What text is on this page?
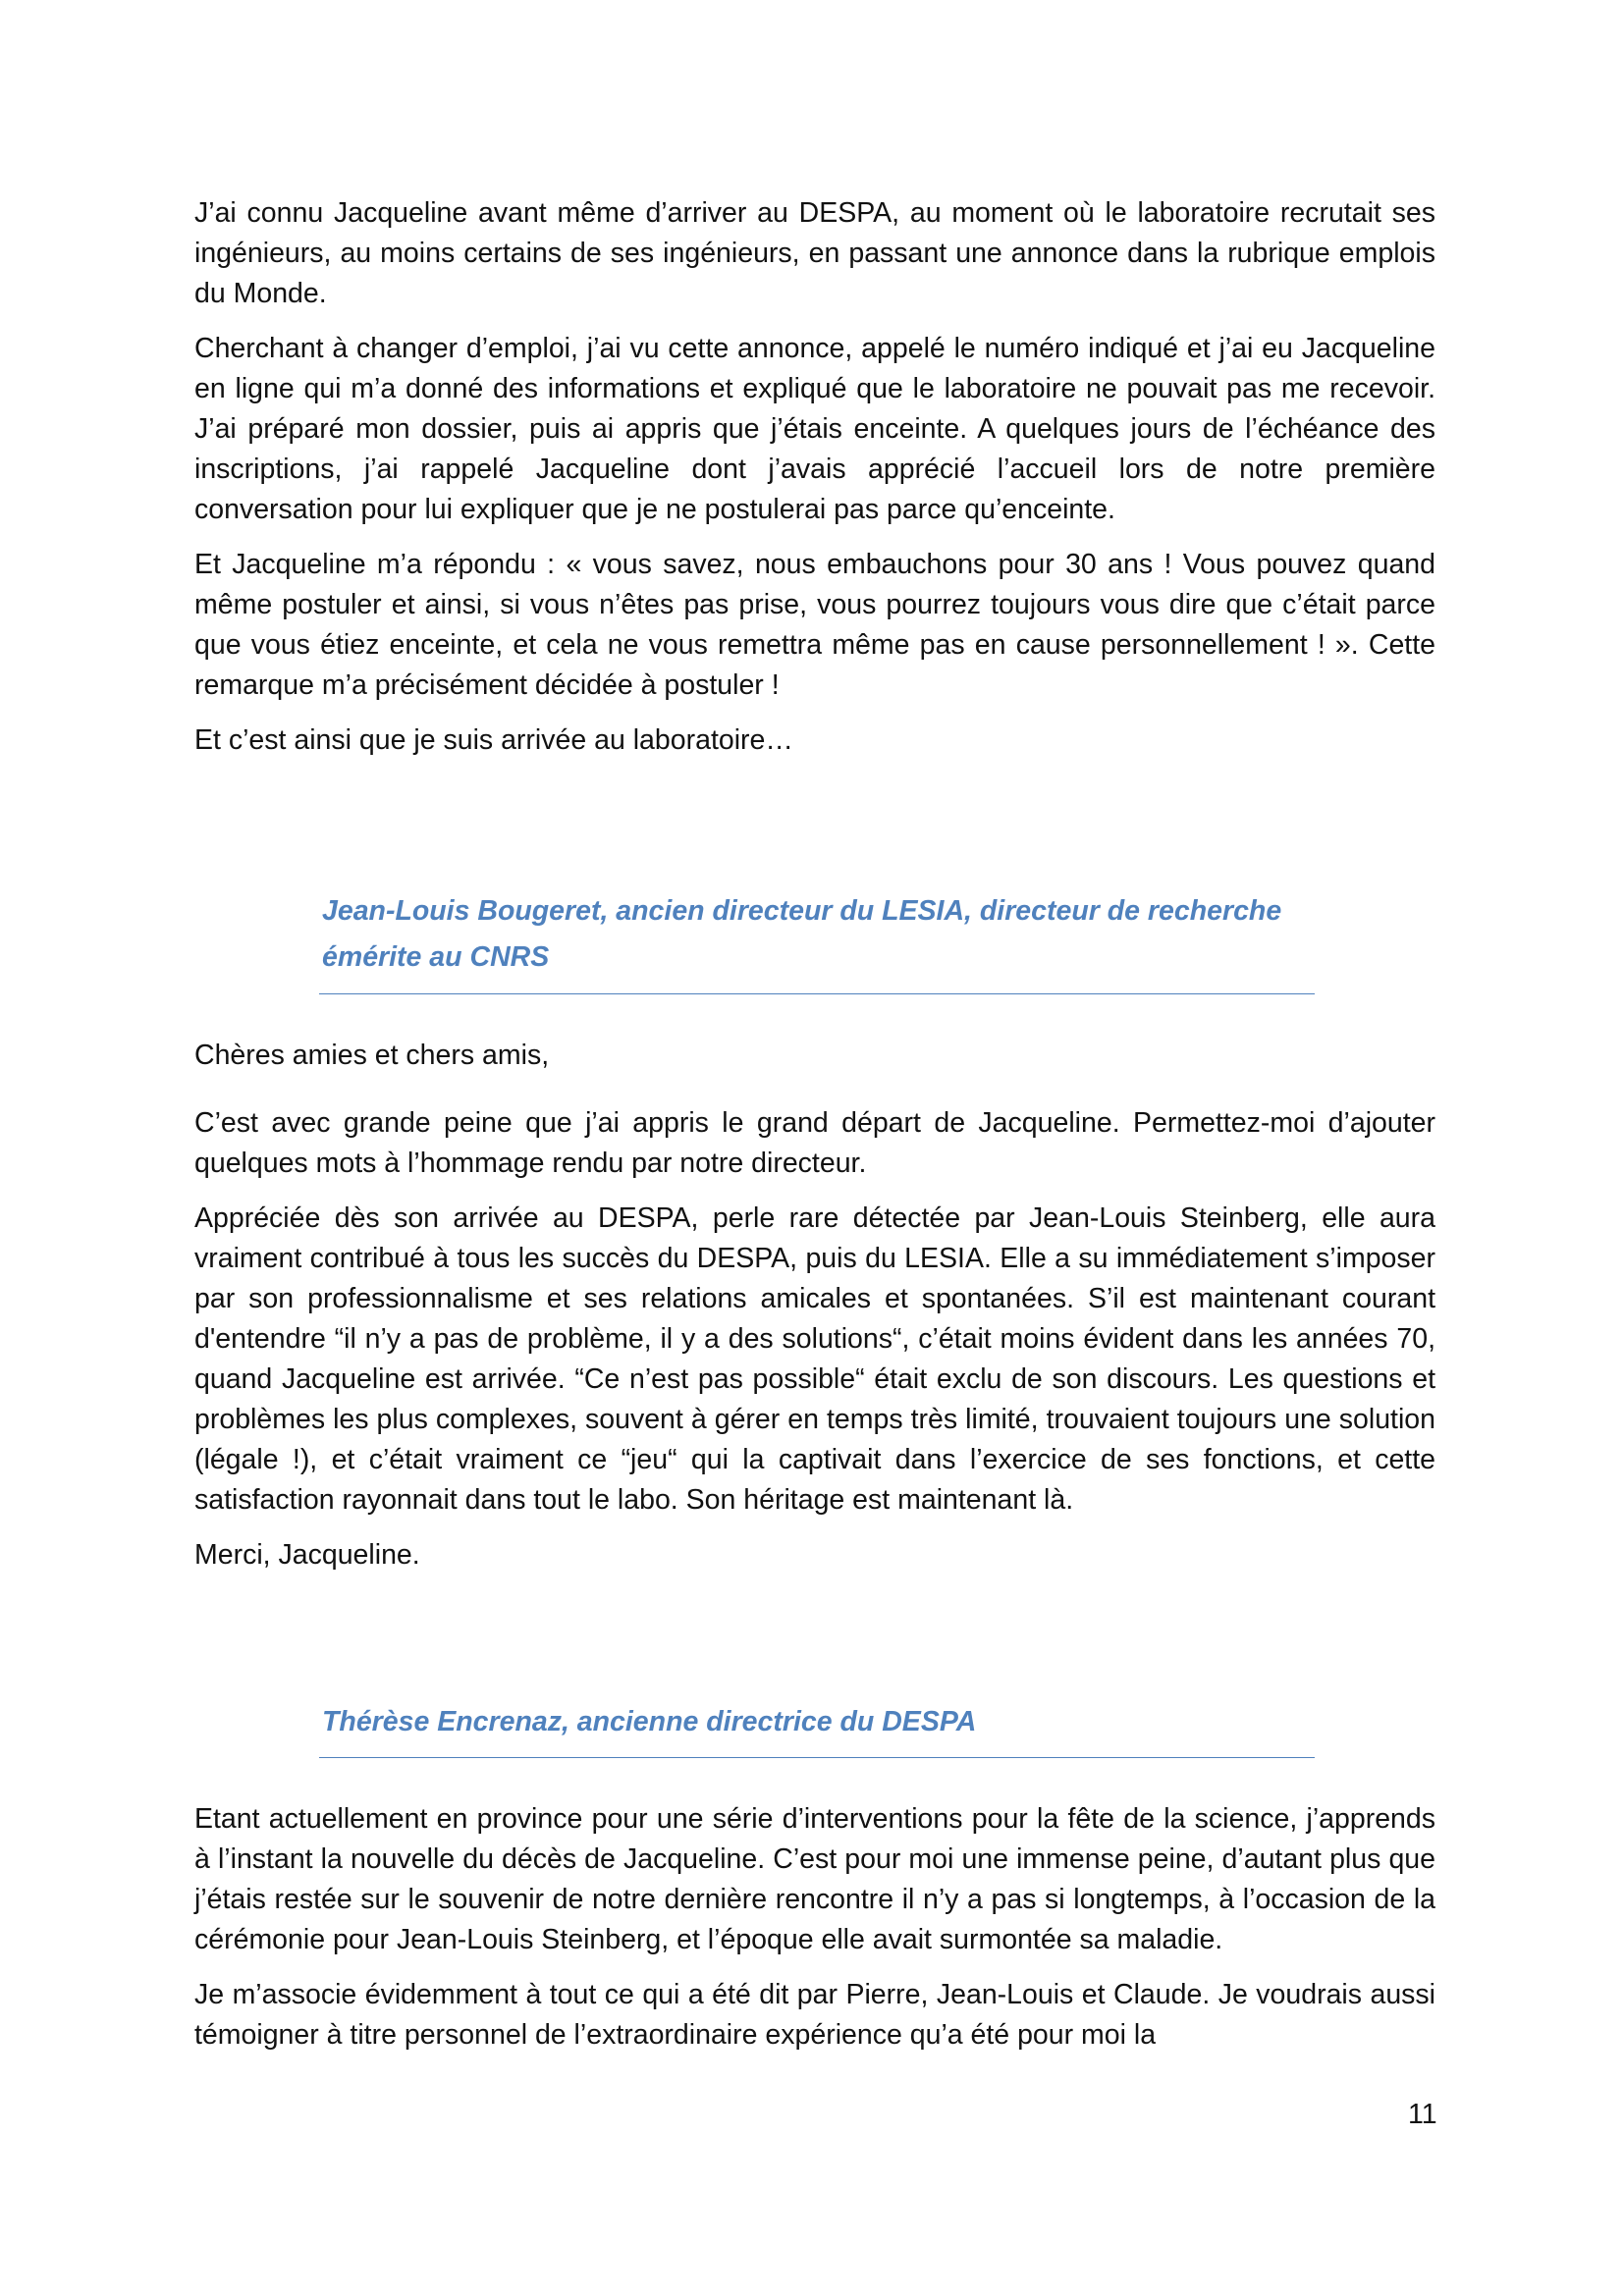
J’ai connu Jacqueline avant même d’arriver au DESPA, au moment où le laboratoire recrutait ses ingénieurs, au moins certains de ses ingénieurs, en passant une annonce dans la rubrique emplois du Monde.

Cherchant à changer d’emploi, j’ai vu cette annonce, appelé le numéro indiqué et j’ai eu Jacqueline en ligne qui m’a donné des informations et expliqué que le laboratoire ne pouvait pas me recevoir. J’ai préparé mon dossier, puis ai appris que j’étais enceinte. A quelques jours de l’échéance des inscriptions, j’ai rappelé Jacqueline dont j’avais apprécié l’accueil lors de notre première conversation pour lui expliquer que je ne postulerai pas parce qu’enceinte.

Et Jacqueline m’a répondu : « vous savez, nous embauchons pour 30 ans ! Vous pouvez quand même postuler et ainsi, si vous n’êtes pas prise, vous pourrez toujours vous dire que c’était parce que vous étiez enceinte, et cela ne vous remettra même pas en cause personnellement ! ». Cette remarque m’a précisément décidée à postuler !

Et c’est ainsi que je suis arrivée au laboratoire…

Jean-Louis Bougeret, ancien directeur du LESIA, directeur de recherche émérite au CNRS

Chères amies et chers amis,

C’est avec grande peine que j’ai appris le grand départ de Jacqueline. Permettez-moi d’ajouter quelques mots à l’hommage rendu par notre directeur.

Appréciée dès son arrivée au DESPA, perle rare détectée par Jean-Louis Steinberg, elle aura vraiment contribué à tous les succès du DESPA, puis du LESIA. Elle a su immédiatement s’imposer par son professionnalisme et ses relations amicales et spontanées. S’il est maintenant courant d'entendre “il n’y a pas de problème, il y a des solutions“, c’était moins évident dans les années 70, quand Jacqueline est arrivée. “Ce n’est pas possible“ était exclu de son discours. Les questions et problèmes les plus complexes, souvent à gérer en temps très limité, trouvaient toujours une solution (légale !), et c’était vraiment ce “jeu“ qui la captivait dans l’exercice de ses fonctions, et cette satisfaction rayonnait dans tout le labo. Son héritage est maintenant là.

Merci, Jacqueline.

Thérèse Encrenaz, ancienne directrice du DESPA

Etant actuellement en province pour une série d’interventions pour la fête de la science, j’apprends à l’instant la nouvelle du décès de Jacqueline. C’est pour moi une immense peine, d’autant plus que j’étais restée sur le souvenir de notre dernière rencontre il n’y a pas si longtemps, à l’occasion de la cérémonie pour Jean-Louis Steinberg, et l’époque elle avait surmontée sa maladie.

Je m’associe évidemment à tout ce qui a été dit par Pierre, Jean-Louis et Claude. Je voudrais aussi témoigner à titre personnel de l’extraordinaire expérience qu’a été pour moi la

11
